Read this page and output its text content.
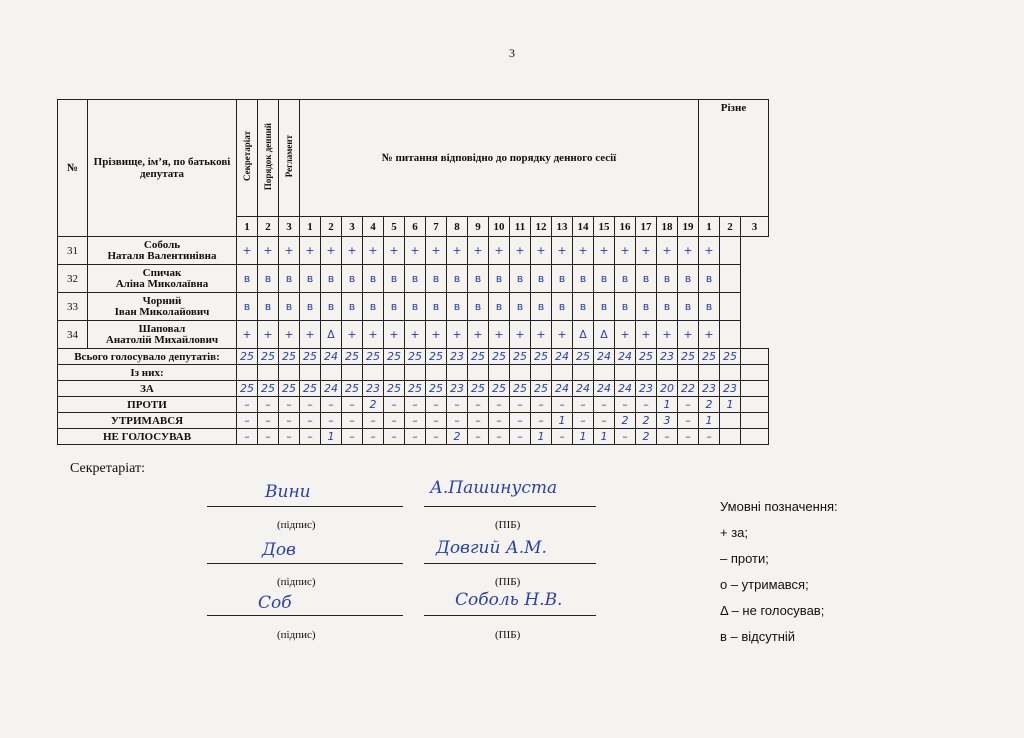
3
№	Прізвище, ім’я, по батькові депутата	Секретаріат	Порядок денний	Регламент	№ питання відповідно до порядку денного сесії																			Різне		
		1	2	3	1	2	3	4	5	6	7	8	9	10	11	12	13	14	15	16	17	18	19	1	2	3
31	Соболь
Наталя Валентинівна	+	+	+	+	+	+	+	+	+	+	+	+	+	+	+	+	+	+	+	+	+	+	+		
32	Спичак
Аліна Миколаївна	в	в	в	в	в	в	в	в	в	в	в	в	в	в	в	в	в	в	в	в	в	в	в		
33	Чорний
Іван Миколайович	в	в	в	в	в	в	в	в	в	в	в	в	в	в	в	в	в	в	в	в	в	в	в		
34	Шаповал
Анатолій Михайлович	+	+	+	+	Δ	+	+	+	+	+	+	+	+	+	+	+	Δ	Δ	+	+	+	+	+		
Всього голосувало депутатів:		25	25	25	25	24	25	25	25	25	25	23	25	25	25	25	24	25	24	24	25	23	25	25	25	
Із них:																										
ЗА		25	25	25	25	24	25	23	25	25	25	23	25	25	25	25	24	24	24	24	23	20	22	23	23	
ПРОТИ		–	–	–	–	–	–	2	–	–	–	–	–	–	–	–	–	–	–	–	–	1	–	2	1	
УТРИМАВСЯ		–	–	–	–	–	–	–	–	–	–	–	–	–	–	–	1	–	–	2	2	3	–	1		
НЕ ГОЛОСУВАВ		–	–	–	–	1	–	–	–	–	–	2	–	–	–	1	–	1	1	–	2	–	–	–		
Секретаріат:
Вини	А.Пашинуста
(підпис)	(ПІБ)
Дов	Довгий А.М.
(підпис)	(ПІБ)
Соб	Соболь Н.В.
(підпис)	(ПІБ)
Умовні позначення:
+ за;
– проти;
о – утримався;
Δ – не голосував;
в – відсутній
